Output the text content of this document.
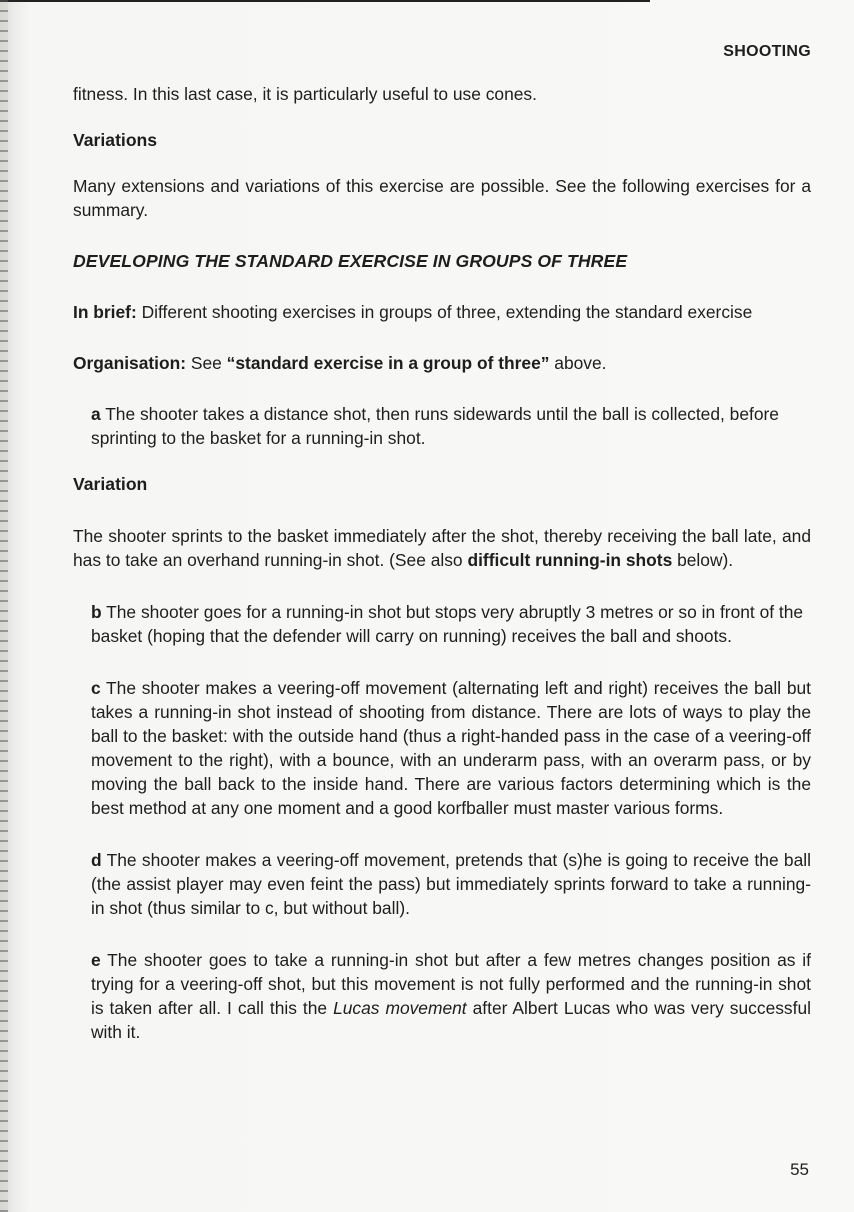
SHOOTING

fitness. In this last case, it is particularly useful to use cones.

Variations

Many extensions and variations of this exercise are possible. See the following exercises for a summary.

DEVELOPING THE STANDARD EXERCISE IN GROUPS OF THREE

In brief: Different shooting exercises in groups of three, extending the standard exercise

Organisation: See “standard exercise in a group of three” above.

a The shooter takes a distance shot, then runs sidewards until the ball is collected, before sprinting to the basket for a running-in shot.

Variation

The shooter sprints to the basket immediately after the shot, thereby receiving the ball late, and has to take an overhand running-in shot. (See also difficult running-in shots below).

b The shooter goes for a running-in shot but stops very abruptly 3 metres or so in front of the basket (hoping that the defender will carry on running) receives the ball and shoots.

c The shooter makes a veering-off movement (alternating left and right) receives the ball but takes a running-in shot instead of shooting from distance. There are lots of ways to play the ball to the basket: with the outside hand (thus a right-handed pass in the case of a veering-off movement to the right), with a bounce, with an underarm pass, with an overarm pass, or by moving the ball back to the inside hand. There are various factors determining which is the best method at any one moment and a good korfballer must master various forms.

d The shooter makes a veering-off movement, pretends that (s)he is going to receive the ball (the assist player may even feint the pass) but immediately sprints forward to take a running-in shot (thus similar to c, but without ball).

e The shooter goes to take a running-in shot but after a few metres changes position as if trying for a veering-off shot, but this movement is not fully performed and the running-in shot is taken after all. I call this the Lucas movement after Albert Lucas who was very successful with it.

55
